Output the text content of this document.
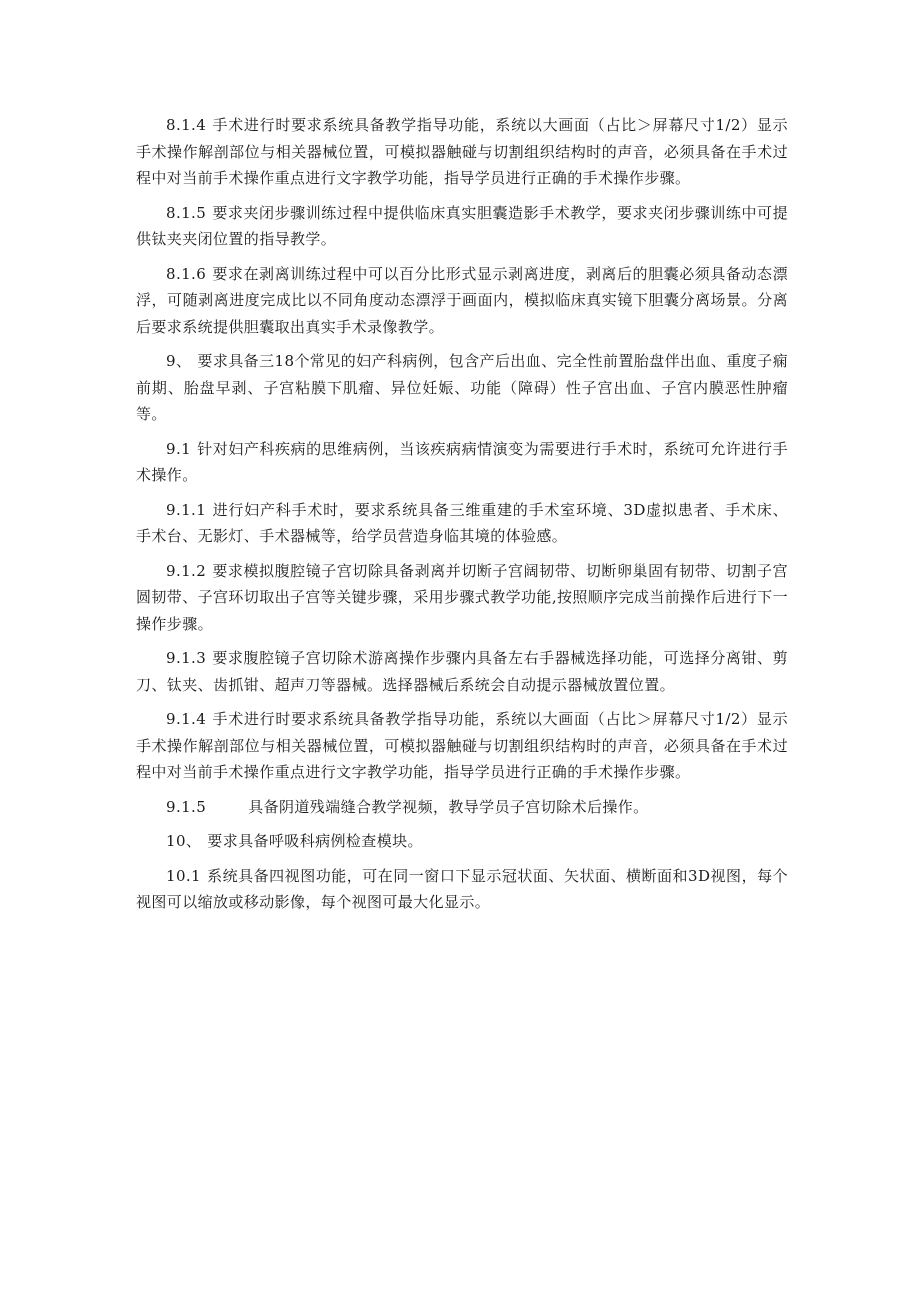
8.1.4 手术进行时要求系统具备教学指导功能，系统以大画面（占比＞屏幕尺寸1/2）显示手术操作解剖部位与相关器械位置，可模拟器触碰与切割组织结构时的声音，必须具备在手术过程中对当前手术操作重点进行文字教学功能，指导学员进行正确的手术操作步骤。

8.1.5 要求夹闭步骤训练过程中提供临床真实胆囊造影手术教学，要求夹闭步骤训练中可提供钛夹夹闭位置的指导教学。

8.1.6 要求在剥离训练过程中可以百分比形式显示剥离进度，剥离后的胆囊必须具备动态漂浮，可随剥离进度完成比以不同角度动态漂浮于画面内，模拟临床真实镜下胆囊分离场景。分离后要求系统提供胆囊取出真实手术录像教学。

9、 要求具备三18个常见的妇产科病例，包含产后出血、完全性前置胎盘伴出血、重度子痫前期、胎盘早剥、子宫粘膜下肌瘤、异位妊娠、功能（障碍）性子宫出血、子宫内膜恶性肿瘤等。

9.1 针对妇产科疾病的思维病例，当该疾病病情演变为需要进行手术时，系统可允许进行手术操作。

9.1.1 进行妇产科手术时，要求系统具备三维重建的手术室环境、3D虚拟患者、手术床、手术台、无影灯、手术器械等，给学员营造身临其境的体验感。

9.1.2 要求模拟腹腔镜子宫切除具备剥离并切断子宫阔韧带、切断卵巢固有韧带、切割子宫圆韧带、子宫环切取出子宫等关键步骤，采用步骤式教学功能,按照顺序完成当前操作后进行下一操作步骤。

9.1.3 要求腹腔镜子宫切除术游离操作步骤内具备左右手器械选择功能，可选择分离钳、剪刀、钛夹、齿抓钳、超声刀等器械。选择器械后系统会自动提示器械放置位置。

9.1.4 手术进行时要求系统具备教学指导功能，系统以大画面（占比＞屏幕尺寸1/2）显示手术操作解剖部位与相关器械位置，可模拟器触碰与切割组织结构时的声音，必须具备在手术过程中对当前手术操作重点进行文字教学功能，指导学员进行正确的手术操作步骤。

9.1.5	具备阴道残端缝合教学视频，教导学员子宫切除术后操作。

10、 要求具备呼吸科病例检查模块。

10.1 系统具备四视图功能，可在同一窗口下显示冠状面、矢状面、横断面和3D视图，每个视图可以缩放或移动影像，每个视图可最大化显示。
